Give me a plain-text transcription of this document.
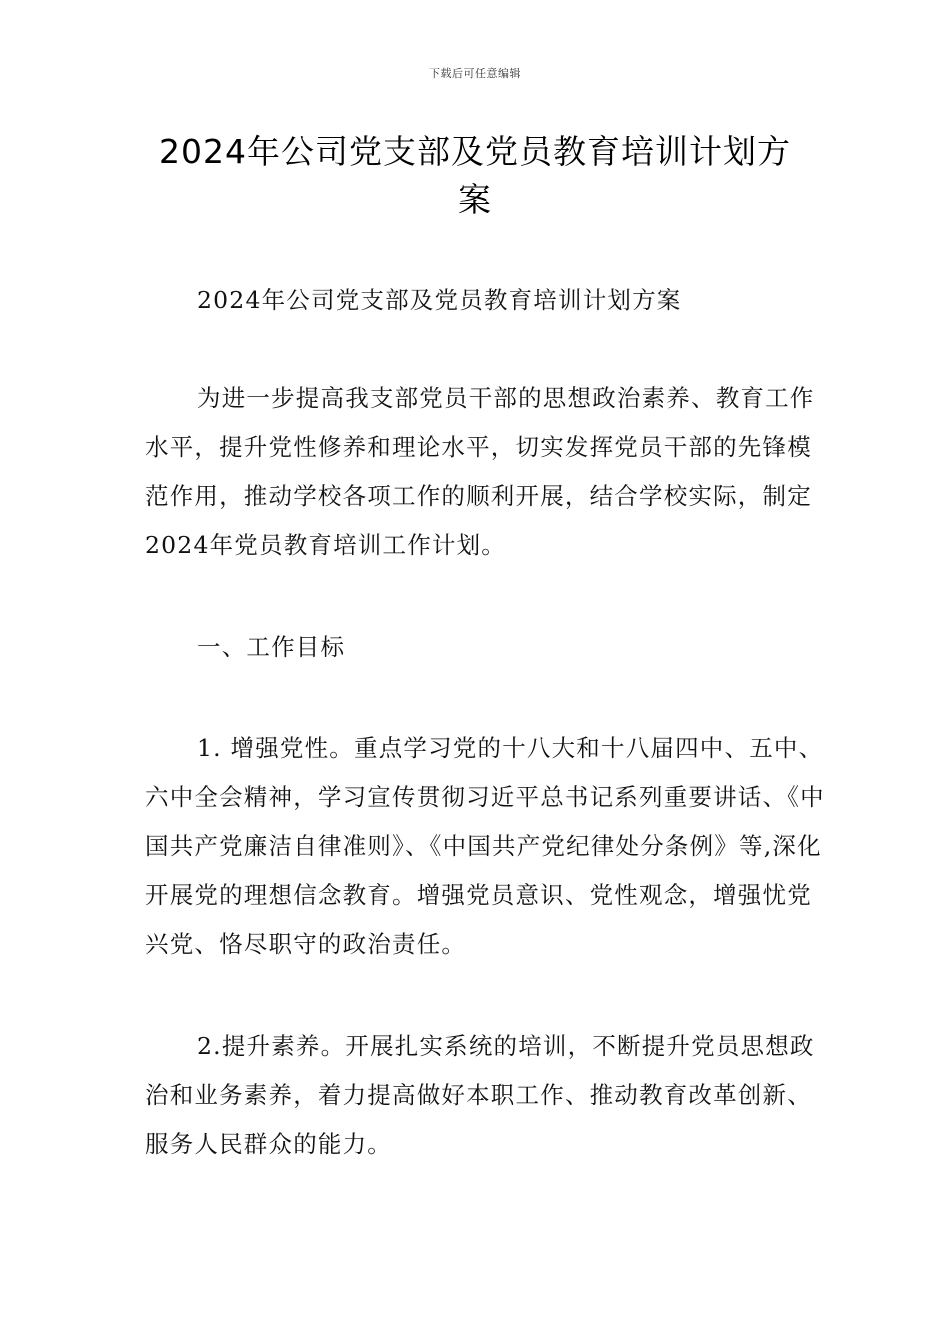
下载后可任意编辑
2024年公司党支部及党员教育培训计划方案

2024年公司党支部及党员教育培训计划方案

为进一步提高我支部党员干部的思想政治素养、教育工作水平，提升党性修养和理论水平，切实发挥党员干部的先锋模范作用，推动学校各项工作的顺利开展，结合学校实际，制定2024年党员教育培训工作计划。

一、工作目标

1. 增强党性。重点学习党的十八大和十八届四中、五中、六中全会精神，学习宣传贯彻习近平总书记系列重要讲话、《中国共产党廉洁自律准则》、《中国共产党纪律处分条例》等,深化开展党的理想信念教育。增强党员意识、党性观念，增强忧党兴党、恪尽职守的政治责任。

2.提升素养。开展扎实系统的培训，不断提升党员思想政治和业务素养，着力提高做好本职工作、推动教育改革创新、服务人民群众的能力。
